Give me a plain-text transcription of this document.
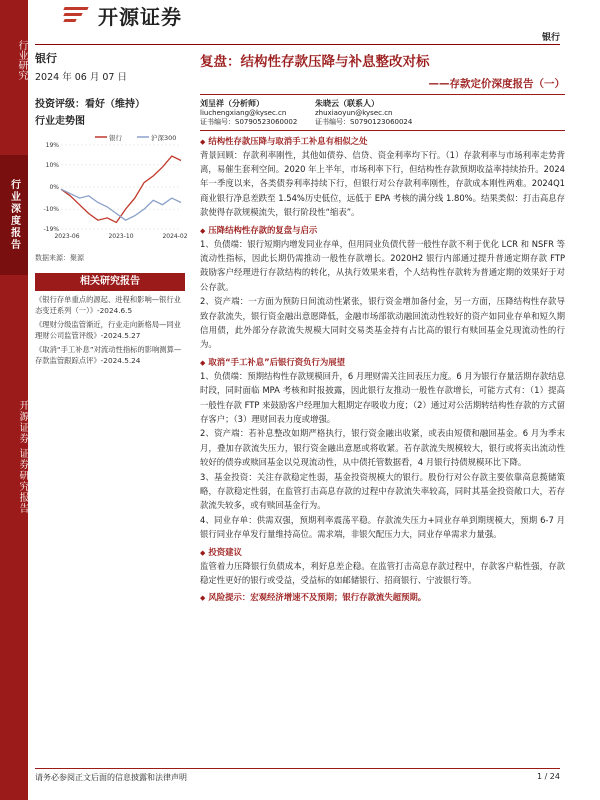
行业研究
行业深度报告
开源证券 证券研究报告
开源证券
银行
银行
2024 年 06 月 07 日
投资评级：看好（维持）
行业走势图
银行	沪深300
19%
10%
0%
-10%
-19%
2023-06	2023-10	2024-02
数据来源：聚源
相关研究报告
《银行存单重点的源起、进程和影响—银行业态变迁系列（一）》-2024.6.5
《理财分级监管渐近，行业走向新格局—同业理财公司监管评级》-2024.5.27
《取消“手工补息”对流动性指标的影响测算—存款监管跟踪点评》-2024.5.24
复盘：结构性存款压降与补息整改对标
——存款定价深度报告（一）
刘呈祥（分析师）
liuchengxiang@kysec.cn
证书编号：S0790523060002
朱晓云（联系人）
zhuxiaoyun@kysec.cn
证书编号：S0790123060024
◆ 结构性存款压降与取消手工补息有相似之处
背景回顾：存款利率刚性，其他如债券、信贷、资金利率均下行。（1）存款利率与市场利率走势背离，易催生套利空间。2020 年上半年，市场利率下行，但结构性存款预期收益率持续抬升。2024 年一季度以来，各类债券利率持续下行，但银行对公存款利率刚性，存款成本刚性两难。2024Q1 商业银行净息差跌至 1.54%历史低位，远低于 EPA 考核的满分线 1.80%。结果类似：打击高息存款使得存款规模流失，银行阶段性“缩表”。
◆ 压降结构性存款的复盘与启示
1、负债端：银行短期内增发同业存单，但用同业负债代替一般性存款不利于优化 LCR 和 NSFR 等流动性指标，因此长期仍需推动一般性存款增长。2020H2 银行内部通过提升普通定期存款 FTP 鼓励客户经理进行存款结构的转化，从执行效果来看，个人结构性存款转为普通定期的效果好于对公存款。
2、资产端：一方面为预防日间流动性紧张，银行资金增加备付金，另一方面，压降结构性存款导致存款流失，银行资金融出意愿降低，金融市场部欲动融回流动性较好的资产如同业存单和短久期信用债，此外部分存款流失规模大同时交易类基金持有占比高的银行有赎回基金兑现流动性的行为。
◆ 取消“手工补息”后银行资负行为展望
1、负债端：预期结构性存款规模回升，6 月理财需关注回表压力度。6 月为银行存量活期存款结息时段，同时面临 MPA 考核和时报披露，因此银行友推动一般性存款增长，可能方式有：（1）提高一般性存款 FTP 来鼓励客户经理加大粗期定存吸收力度；（2）通过对公活期转结构性存款的方式留存客户；（3）理财回表力度或增强。
2、资产端：若补息整改如期严格执行，银行资金融出收紧，或表由短债和融回基金。6 月为季末月，叠加存款流失压力，银行资金融出意愿或将收紧。若存款流失规模较大，银行或将卖出流动性较好的债券或赎回基金以兑现流动性，从中债托管数据看，4 月银行持债规模环比下降。
3、基金投资：关注存款稳定性弱，基金投资规模大的银行。股份行对公存款主要依靠高息揽储策略，存款稳定性弱，在监管打击高息存款的过程中存款流失率较高，同时其基金投资敞口大，若存款流失较多，或有赎回基金行为。
4、同业存单：供需双强，预期利率震荡平稳。存款流失压力+同业存单到期规模大，预期 6-7 月银行同业存单发行量维持高位。需求端，非银欠配压力大，同业存单需求力量强。
◆ 投资建议
监管着力压降银行负债成本，利好息差企稳。在监管打击高息存款过程中，存款客户粘性强，存款稳定性更好的银行或受益，受益标的如邮储银行、招商银行、宁波银行等。
◆ 风险提示：宏观经济增速不及预期；银行存款流失超预期。
请务必参阅正文后面的信息披露和法律声明	1 / 24
